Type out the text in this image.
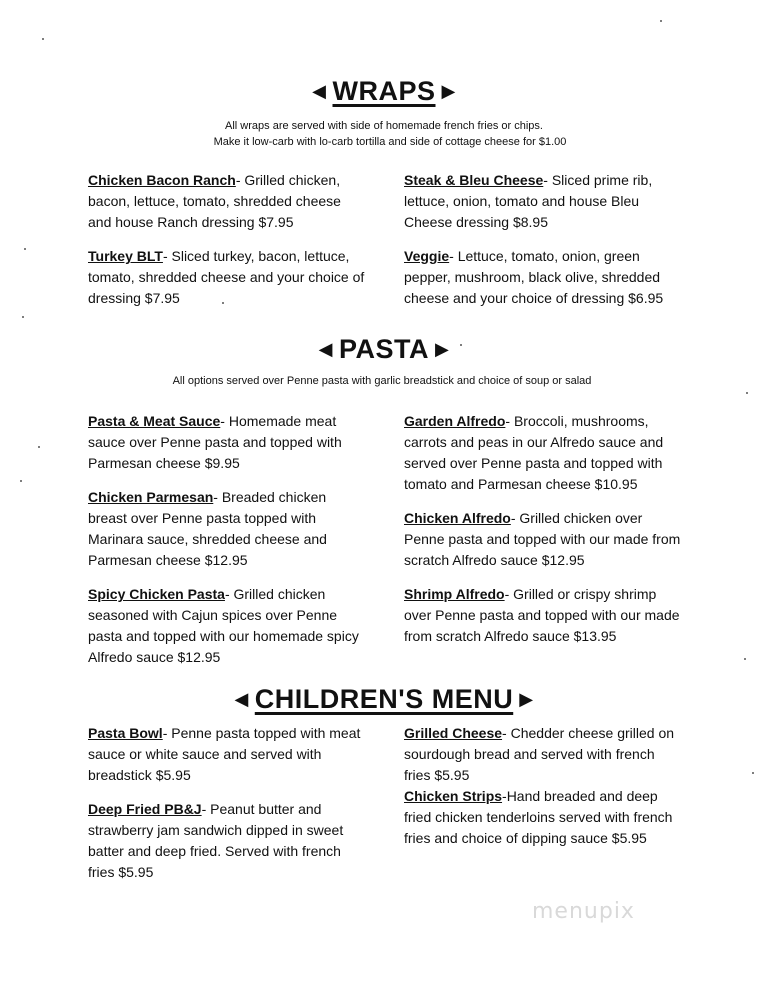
◀ WRAPS ▶
All wraps are served with side of homemade french fries or chips.
Make it low-carb with lo-carb tortilla and side of cottage cheese for $1.00
Chicken Bacon Ranch- Grilled chicken, bacon, lettuce, tomato, shredded cheese and house Ranch dressing $7.95
Steak & Bleu Cheese- Sliced prime rib, lettuce, onion, tomato and house Bleu Cheese dressing $8.95
Turkey BLT- Sliced turkey, bacon, lettuce, tomato, shredded cheese and your choice of dressing $7.95
Veggie- Lettuce, tomato, onion, green pepper, mushroom, black olive, shredded cheese and your choice of dressing $6.95
◀ PASTA ▶
All options served over Penne pasta with garlic breadstick and choice of soup or salad
Pasta & Meat Sauce- Homemade meat sauce over Penne pasta and topped with Parmesan cheese $9.95
Garden Alfredo- Broccoli, mushrooms, carrots and peas in our Alfredo sauce and served over Penne pasta and topped with tomato and Parmesan cheese $10.95
Chicken Parmesan- Breaded chicken breast over Penne pasta topped with Marinara sauce, shredded cheese and Parmesan cheese $12.95
Chicken Alfredo- Grilled chicken over Penne pasta and topped with our made from scratch Alfredo sauce $12.95
Spicy Chicken Pasta- Grilled chicken seasoned with Cajun spices over Penne pasta and topped with our homemade spicy Alfredo sauce $12.95
Shrimp Alfredo- Grilled or crispy shrimp over Penne pasta and topped with our made from scratch Alfredo sauce $13.95
◀ CHILDREN'S MENU ▶
Pasta Bowl- Penne pasta topped with meat sauce or white sauce and served with breadstick $5.95
Grilled Cheese- Chedder cheese grilled on sourdough bread and served with french fries $5.95
Chicken Strips-Hand breaded and deep fried chicken tenderloins served with french fries and choice of dipping sauce $5.95
Deep Fried PB&J- Peanut butter and strawberry jam sandwich dipped in sweet batter and deep fried. Served with french fries $5.95
menupix
